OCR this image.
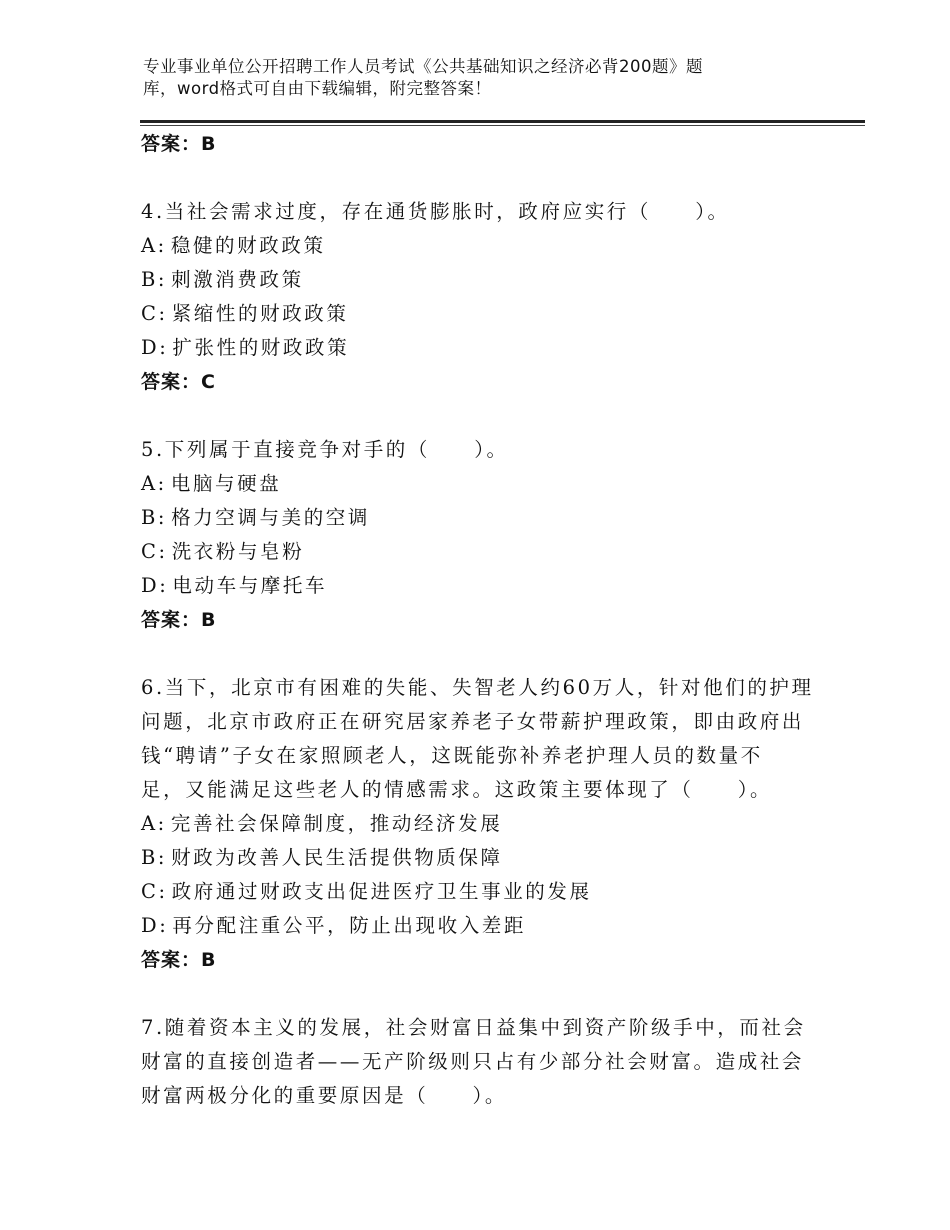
专业事业单位公开招聘工作人员考试《公共基础知识之经济必背200题》题
库，word格式可自由下载编辑，附完整答案！
答案：B
4.当社会需求过度，存在通货膨胀时，政府应实行（　　）。
A: 稳健的财政政策
B: 刺激消费政策
C: 紧缩性的财政政策
D: 扩张性的财政政策
答案：C
5.下列属于直接竞争对手的（　　）。
A: 电脑与硬盘
B: 格力空调与美的空调
C: 洗衣粉与皂粉
D: 电动车与摩托车
答案：B
6.当下，北京市有困难的失能、失智老人约60万人，针对他们的护理
问题，北京市政府正在研究居家养老子女带薪护理政策，即由政府出
钱“聘请”子女在家照顾老人，这既能弥补养老护理人员的数量不
足，又能满足这些老人的情感需求。这政策主要体现了（　　）。
A: 完善社会保障制度，推动经济发展
B: 财政为改善人民生活提供物质保障
C: 政府通过财政支出促进医疗卫生事业的发展
D: 再分配注重公平，防止出现收入差距
答案：B
7.随着资本主义的发展，社会财富日益集中到资产阶级手中，而社会
财富的直接创造者——无产阶级则只占有少部分社会财富。造成社会
财富两极分化的重要原因是（　　）。
